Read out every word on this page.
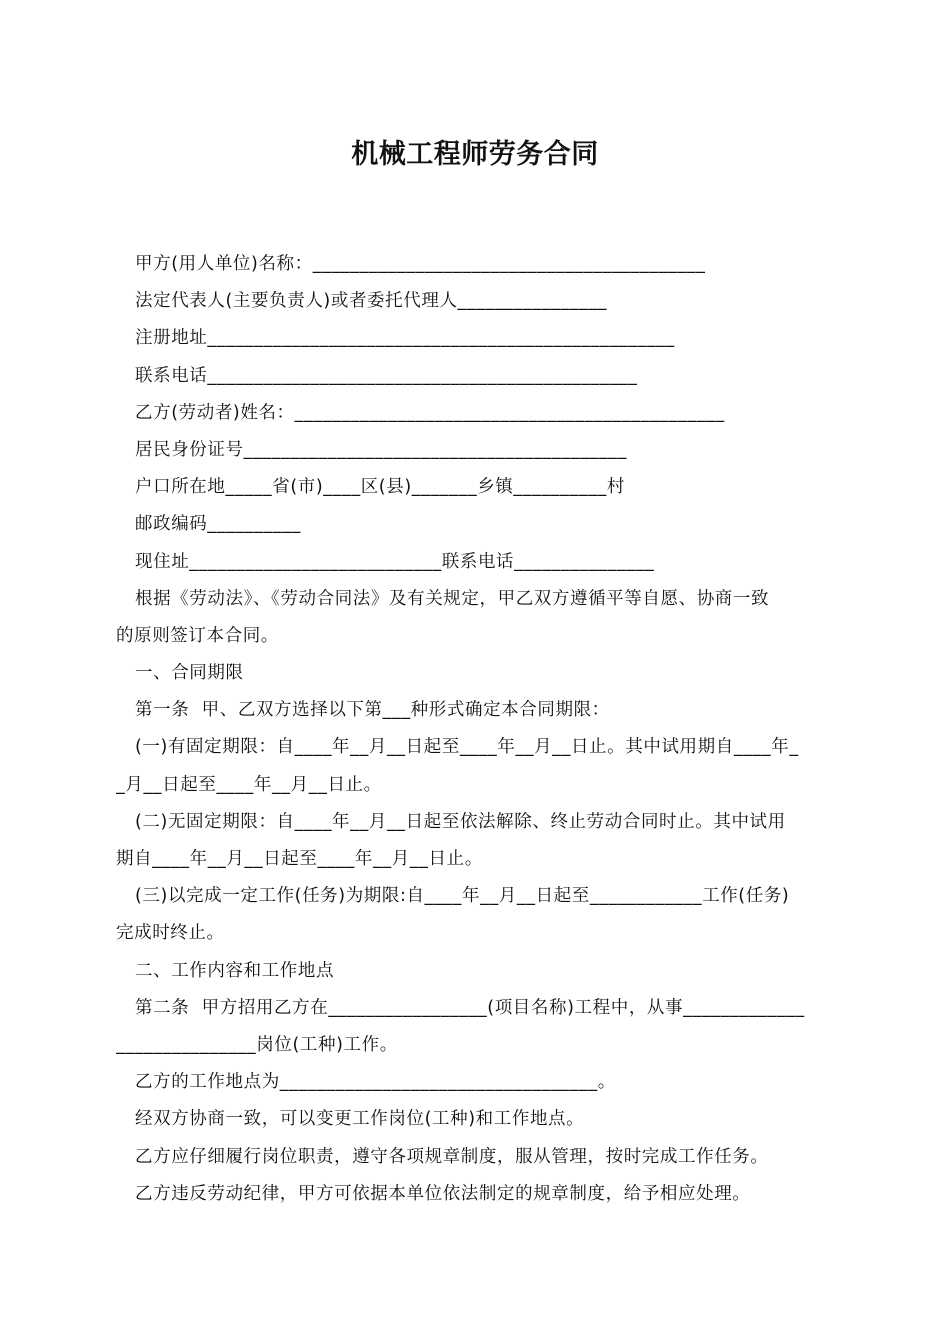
机械工程师劳务合同
甲方(用人单位)名称：__________________________________________
法定代表人(主要负责人)或者委托代理人________________
注册地址__________________________________________________
联系电话______________________________________________
乙方(劳动者)姓名：______________________________________________
居民身份证号_________________________________________
户口所在地_____省(市)____区(县)_______乡镇__________村
邮政编码__________
现住址___________________________联系电话_______________
根据《劳动法》、《劳动合同法》及有关规定，甲乙双方遵循平等自愿、协商一致
的原则签订本合同。
一、合同期限
第一条  甲、乙双方选择以下第___种形式确定本合同期限：
(一)有固定期限：自____年__月__日起至____年__月__日止。其中试用期自____年_
_月__日起至____年__月__日止。
(二)无固定期限：自____年__月__日起至依法解除、终止劳动合同时止。其中试用
期自____年__月__日起至____年__月__日止。
(三)以完成一定工作(任务)为期限:自____年__月__日起至____________工作(任务)
完成时终止。
二、工作内容和工作地点
第二条  甲方招用乙方在_________________(项目名称)工程中，从事_____________
_______________岗位(工种)工作。
乙方的工作地点为__________________________________。
经双方协商一致，可以变更工作岗位(工种)和工作地点。
乙方应仔细履行岗位职责，遵守各项规章制度，服从管理，按时完成工作任务。
乙方违反劳动纪律，甲方可依据本单位依法制定的规章制度，给予相应处理。
